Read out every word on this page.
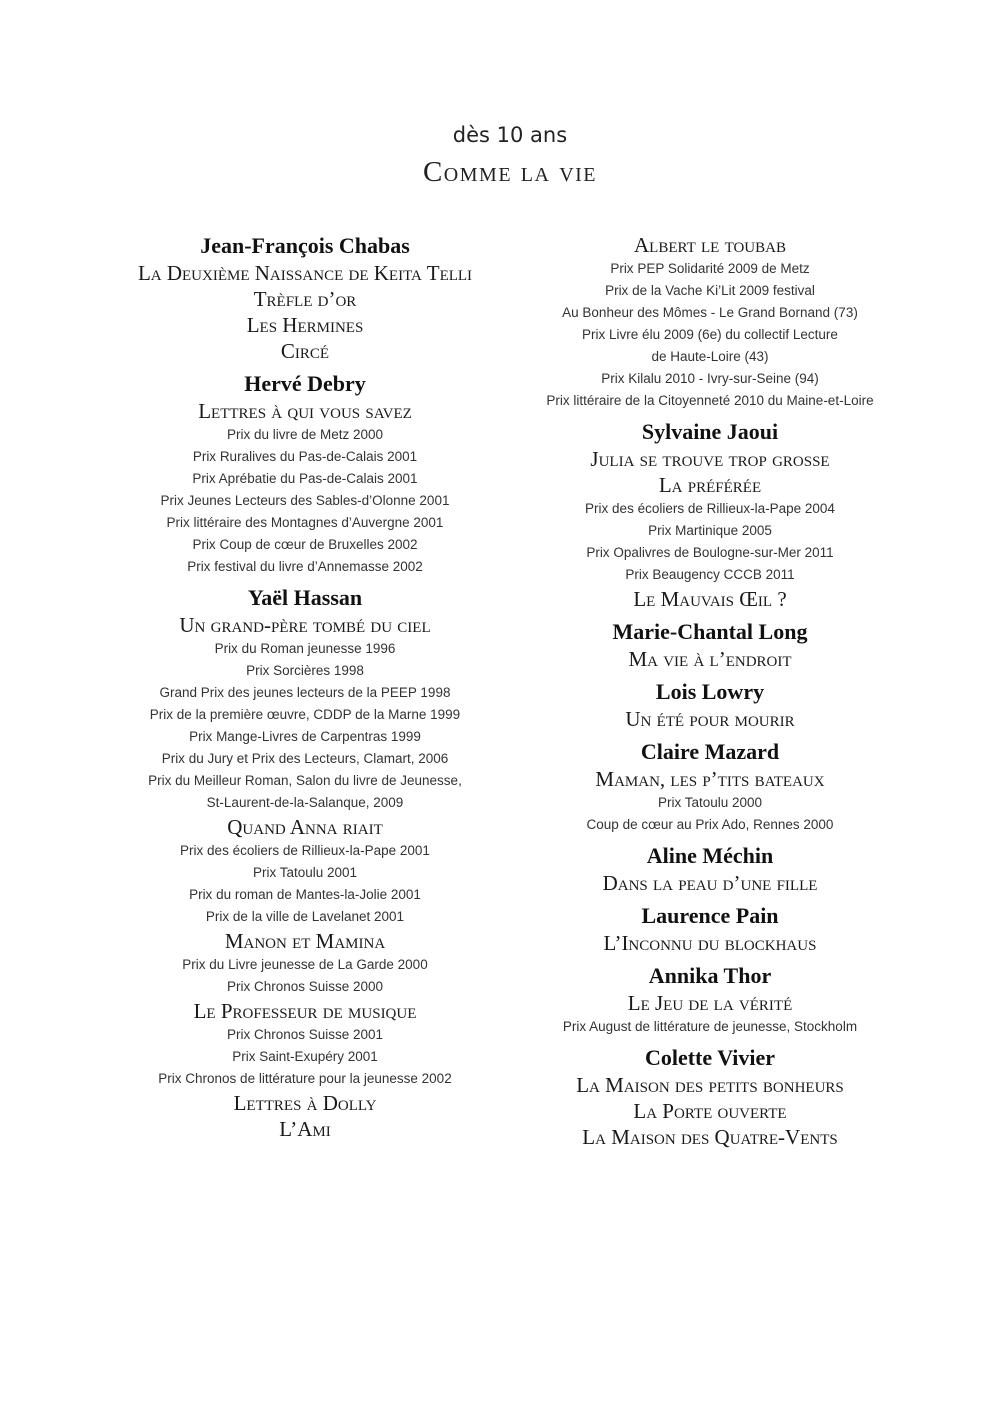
dès 10 ans
Comme la vie
Jean-François Chabas
La Deuxième Naissance de Keita Telli
Trèfle d’or
Les Hermines
Circé
Hervé Debry
Lettres à qui vous savez
Prix du livre de Metz 2000
Prix Ruralives du Pas-de-Calais 2001
Prix Aprébatie du Pas-de-Calais 2001
Prix Jeunes Lecteurs des Sables-d’Olonne 2001
Prix littéraire des Montagnes d’Auvergne 2001
Prix Coup de cœur de Bruxelles 2002
Prix festival du livre d’Annemasse 2002
Yaël Hassan
Un grand-père tombé du ciel
Prix du Roman jeunesse 1996
Prix Sorcières 1998
Grand Prix des jeunes lecteurs de la PEEP 1998
Prix de la première œuvre, CDDP de la Marne 1999
Prix Mange-Livres de Carpentras 1999
Prix du Jury et Prix des Lecteurs, Clamart, 2006
Prix du Meilleur Roman, Salon du livre de Jeunesse,
St-Laurent-de-la-Salanque, 2009
Quand Anna riait
Prix des écoliers de Rillieux-la-Pape 2001
Prix Tatoulu 2001
Prix du roman de Mantes-la-Jolie 2001
Prix de la ville de Lavelanet 2001
Manon et Mamina
Prix du Livre jeunesse de La Garde 2000
Prix Chronos Suisse 2000
Le Professeur de musique
Prix Chronos Suisse 2001
Prix Saint-Exupéry 2001
Prix Chronos de littérature pour la jeunesse 2002
Lettres à Dolly
L’Ami
Albert le toubab
Prix PEP Solidarité 2009 de Metz
Prix de la Vache Ki’Lit 2009 festival
Au Bonheur des Mômes - Le Grand Bornand (73)
Prix Livre élu 2009 (6e) du collectif Lecture
de Haute-Loire (43)
Prix Kilalu 2010 - Ivry-sur-Seine (94)
Prix littéraire de la Citoyenneté 2010 du Maine-et-Loire
Sylvaine Jaoui
Julia se trouve trop grosse
La préférée
Prix des écoliers de Rillieux-la-Pape 2004
Prix Martinique 2005
Prix Opalivres de Boulogne-sur-Mer 2011
Prix Beaugency CCCB 2011
Le Mauvais Œil ?
Marie-Chantal Long
Ma vie à l’endroit
Lois Lowry
Un été pour mourir
Claire Mazard
Maman, les p’tits bateaux
Prix Tatoulu 2000
Coup de cœur au Prix Ado, Rennes 2000
Aline Méchin
Dans la peau d’une fille
Laurence Pain
L’Inconnu du blockhaus
Annika Thor
Le Jeu de la vérité
Prix August de littérature de jeunesse, Stockholm
Colette Vivier
La Maison des petits bonheurs
La Porte ouverte
La Maison des Quatre-Vents
